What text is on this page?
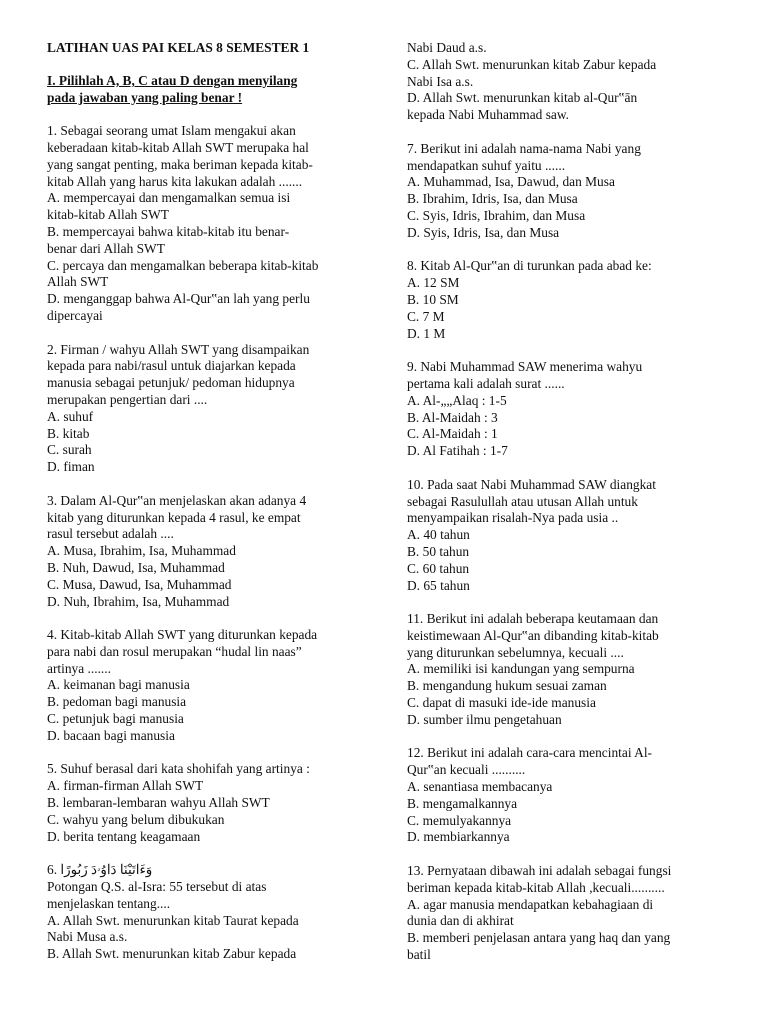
LATIHAN UAS PAI KELAS 8 SEMESTER 1
I. Pilihlah A, B, C atau D dengan menyilang
pada jawaban yang paling benar !
1. Sebagai seorang umat Islam mengakui akan
keberadaan kitab-kitab Allah SWT merupaka hal
yang sangat penting, maka beriman kepada kitab-
kitab Allah yang harus kita lakukan adalah .......
A. mempercayai dan mengamalkan semua isi
kitab-kitab Allah SWT
B. mempercayai bahwa kitab-kitab itu benar-
benar dari Allah SWT
C. percaya dan mengamalkan beberapa kitab-kitab
Allah SWT
D. menganggap bahwa Al-Qur‟an lah yang perlu
dipercayai
2. Firman / wahyu Allah SWT yang disampaikan
kepada para nabi/rasul untuk diajarkan kepada
manusia sebagai petunjuk/ pedoman hidupnya
merupakan pengertian dari ....
A. suhuf
B. kitab
C. surah
D. fiman
3. Dalam Al-Qur‟an menjelaskan akan adanya 4
kitab yang diturunkan kepada 4 rasul, ke empat
rasul tersebut adalah ....
A. Musa, Ibrahim, Isa, Muhammad
B. Nuh, Dawud, Isa, Muhammad
C. Musa, Dawud, Isa, Muhammad
D. Nuh, Ibrahim, Isa, Muhammad
4. Kitab-kitab Allah SWT yang diturunkan kepada
para nabi dan rosul merupakan “hudal lin naas”
artinya .......
A. keimanan bagi manusia
B. pedoman bagi manusia
C. petunjuk bagi manusia
D. bacaan bagi manusia
5. Suhuf berasal dari kata shohifah yang artinya :
A. firman-firman Allah SWT
B. lembaran-lembaran wahyu Allah SWT
C. wahyu yang belum dibukukan
D. berita tentang keagamaan
6. وَءَاتَيْنَا دَاوُۥدَ زَبُورًا
Potongan Q.S. al-Isra: 55 tersebut di atas
menjelaskan tentang....
A. Allah Swt. menurunkan kitab Taurat kepada
Nabi Musa a.s.
B. Allah Swt. menurunkan kitab Zabur kepada
Nabi Daud a.s.
C. Allah Swt. menurunkan kitab Zabur kepada
Nabi Isa a.s.
D. Allah Swt. menurunkan kitab al-Qur‟ān
kepada Nabi Muhammad saw.
7. Berikut ini adalah nama-nama Nabi yang
mendapatkan suhuf yaitu ......
A. Muhammad, Isa, Dawud, dan Musa
B. Ibrahim, Idris, Isa, dan Musa
C. Syis, Idris, Ibrahim, dan Musa
D. Syis, Idris, Isa, dan Musa
8. Kitab Al-Qur‟an di turunkan pada abad ke:
A. 12 SM
B. 10 SM
C. 7 M
D. 1 M
9. Nabi Muhammad SAW menerima wahyu
pertama kali adalah surat ......
A. Al-„„Alaq : 1-5
B. Al-Maidah : 3
C. Al-Maidah : 1
D. Al Fatihah : 1-7
10. Pada saat Nabi Muhammad SAW diangkat
sebagai Rasulullah atau utusan Allah untuk
menyampaikan risalah-Nya pada usia ..
A. 40 tahun
B. 50 tahun
C. 60 tahun
D. 65 tahun
11. Berikut ini adalah beberapa keutamaan dan
keistimewaan Al-Qur‟an dibanding kitab-kitab
yang diturunkan sebelumnya, kecuali ....
A. memiliki isi kandungan yang sempurna
B. mengandung hukum sesuai zaman
C. dapat di masuki ide-ide manusia
D. sumber ilmu pengetahuan
12. Berikut ini adalah cara-cara mencintai Al-
Qur‟an kecuali ..........
A. senantiasa membacanya
B. mengamalkannya
C. memulyakannya
D. membiarkannya
13. Pernyataan dibawah ini adalah sebagai fungsi
beriman kepada kitab-kitab Allah ,kecuali..........
A. agar manusia mendapatkan kebahagiaan di
dunia dan di akhirat
B. memberi penjelasan antara yang haq dan yang
batil
